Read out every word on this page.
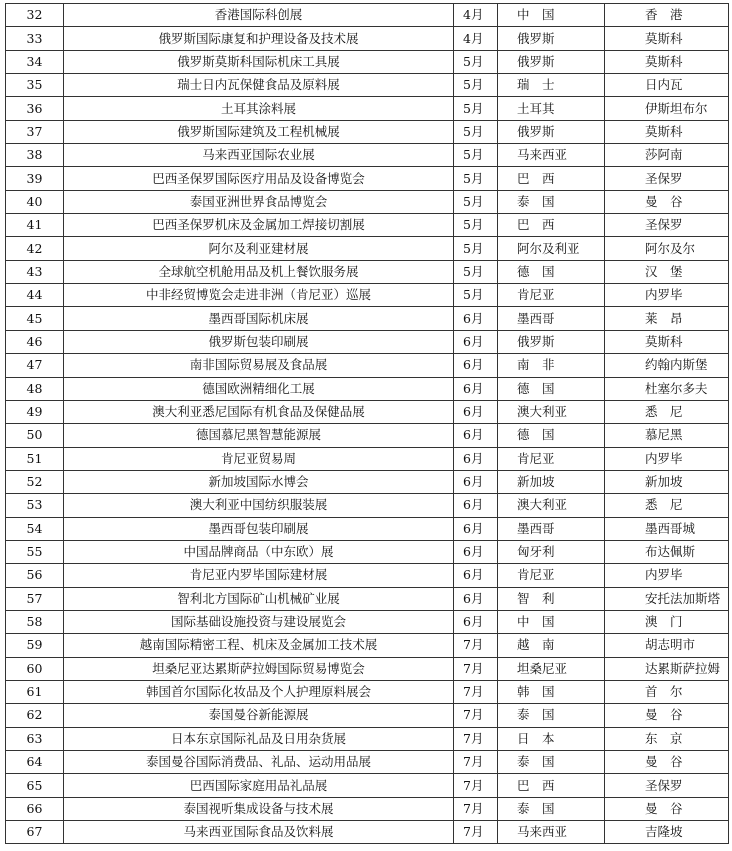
32	香港国际科创展	4月	中　国	香　港
33	俄罗斯国际康复和护理设备及技术展	4月	俄罗斯	莫斯科
34	俄罗斯莫斯科国际机床工具展	5月	俄罗斯	莫斯科
35	瑞士日内瓦保健食品及原料展	5月	瑞　士	日内瓦
36	土耳其涂料展	5月	土耳其	伊斯坦布尔
37	俄罗斯国际建筑及工程机械展	5月	俄罗斯	莫斯科
38	马来西亚国际农业展	5月	马来西亚	莎阿南
39	巴西圣保罗国际医疗用品及设备博览会	5月	巴　西	圣保罗
40	泰国亚洲世界食品博览会	5月	泰　国	曼　谷
41	巴西圣保罗机床及金属加工焊接切割展	5月	巴　西	圣保罗
42	阿尔及利亚建材展	5月	阿尔及利亚	阿尔及尔
43	全球航空机舱用品及机上餐饮服务展	5月	德　国	汉　堡
44	中非经贸博览会走进非洲（肯尼亚）巡展	5月	肯尼亚	内罗毕
45	墨西哥国际机床展	6月	墨西哥	莱　昂
46	俄罗斯包装印刷展	6月	俄罗斯	莫斯科
47	南非国际贸易展及食品展	6月	南　非	约翰内斯堡
48	德国欧洲精细化工展	6月	德　国	杜塞尔多夫
49	澳大利亚悉尼国际有机食品及保健品展	6月	澳大利亚	悉　尼
50	德国慕尼黑智慧能源展	6月	德　国	慕尼黑
51	肯尼亚贸易周	6月	肯尼亚	内罗毕
52	新加坡国际水博会	6月	新加坡	新加坡
53	澳大利亚中国纺织服装展	6月	澳大利亚	悉　尼
54	墨西哥包装印刷展	6月	墨西哥	墨西哥城
55	中国品牌商品（中东欧）展	6月	匈牙利	布达佩斯
56	肯尼亚内罗毕国际建材展	6月	肯尼亚	内罗毕
57	智利北方国际矿山机械矿业展	6月	智　利	安托法加斯塔
58	国际基础设施投资与建设展览会	6月	中　国	澳　门
59	越南国际精密工程、机床及金属加工技术展	7月	越　南	胡志明市
60	坦桑尼亚达累斯萨拉姆国际贸易博览会	7月	坦桑尼亚	达累斯萨拉姆
61	韩国首尔国际化妆品及个人护理原料展会	7月	韩　国	首　尔
62	泰国曼谷新能源展	7月	泰　国	曼　谷
63	日本东京国际礼品及日用杂货展	7月	日　本	东　京
64	泰国曼谷国际消费品、礼品、运动用品展	7月	泰　国	曼　谷
65	巴西国际家庭用品礼品展	7月	巴　西	圣保罗
66	泰国视听集成设备与技术展	7月	泰　国	曼　谷
67	马来西亚国际食品及饮料展	7月	马来西亚	吉隆坡
